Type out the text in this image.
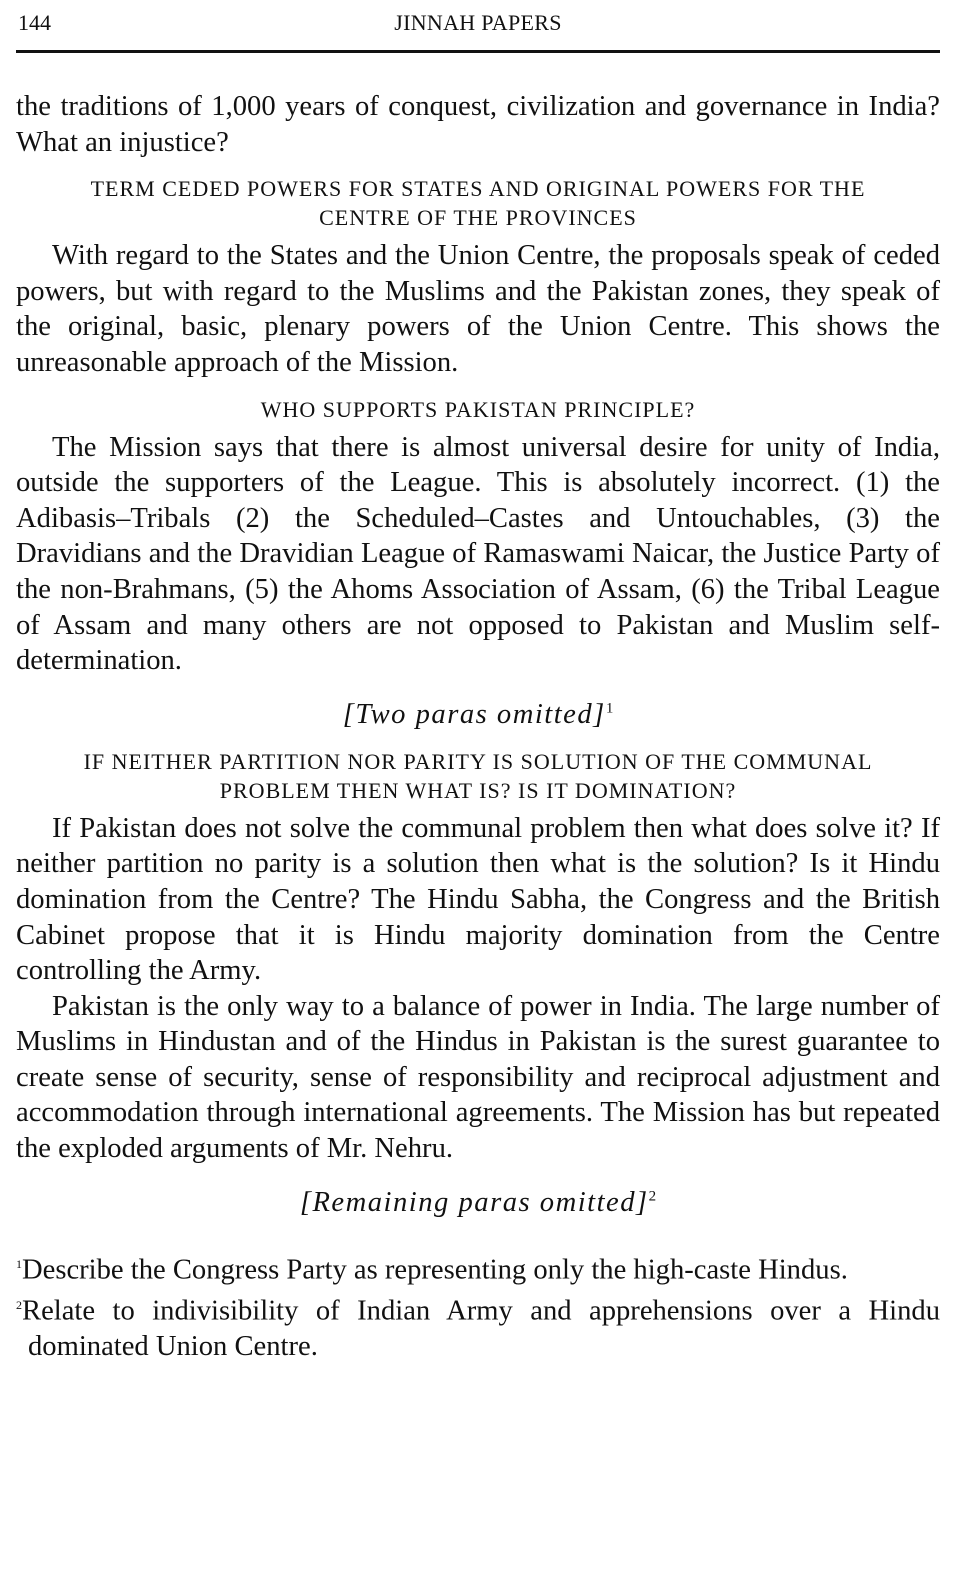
144	JINNAH PAPERS

the traditions of 1,000 years of conquest, civilization and governance in India? What an injustice?

TERM CEDED POWERS FOR STATES AND ORIGINAL POWERS FOR THE CENTRE OF THE PROVINCES

With regard to the States and the Union Centre, the proposals speak of ceded powers, but with regard to the Muslims and the Pakistan zones, they speak of the original, basic, plenary powers of the Union Centre. This shows the unreasonable approach of the Mission.

WHO SUPPORTS PAKISTAN PRINCIPLE?

The Mission says that there is almost universal desire for unity of India, outside the supporters of the League. This is absolutely incorrect. (1) the Adibasis–Tribals (2) the Scheduled–Castes and Untouchables, (3) the Dravidians and the Dravidian League of Ramaswami Naicar, the Justice Party of the non-Brahmans, (5) the Ahoms Association of Assam, (6) the Tribal League of Assam and many others are not opposed to Pakistan and Muslim self-determination.

[Two paras omitted]$^1$
IF NEITHER PARTITION NOR PARITY IS SOLUTION OF THE COMMUNAL PROBLEM THEN WHAT IS? IS IT DOMINATION?

If Pakistan does not solve the communal problem then what does solve it? If neither partition no parity is a solution then what is the solution? Is it Hindu domination from the Centre? The Hindu Sabha, the Congress and the British Cabinet propose that it is Hindu majority domination from the Centre controlling the Army.

Pakistan is the only way to a balance of power in India. The large number of Muslims in Hindustan and of the Hindus in Pakistan is the surest guarantee to create sense of security, sense of responsibility and reciprocal adjustment and accommodation through international agreements. The Mission has but repeated the exploded arguments of Mr. Nehru.

[Remaining paras omitted]$^2$

$^1$Describe the Congress Party as representing only the high-caste Hindus.

$^2$Relate to indivisibility of Indian Army and apprehensions over a Hindu dominated Union Centre.
